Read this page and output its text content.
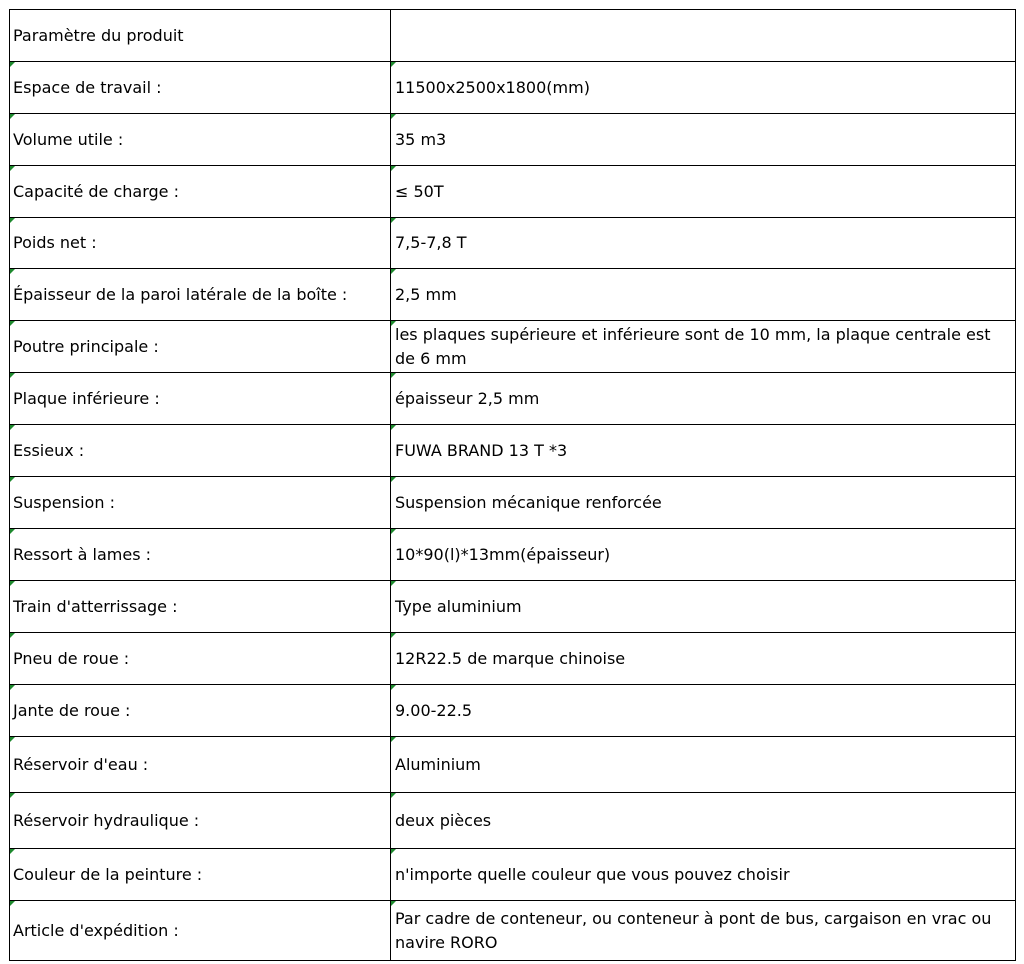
Paramètre du produit	
Espace de travail :	11500x2500x1800(mm)
Volume utile :	35 m3
Capacité de charge :	≤ 50T
Poids net :	7,5-7,8 T
Épaisseur de la paroi latérale de la boîte :	2,5 mm
Poutre principale :	les plaques supérieure et inférieure sont de 10 mm, la plaque centrale est de 6 mm
Plaque inférieure :	épaisseur 2,5 mm
Essieux :	FUWA BRAND 13 T *3
Suspension :	Suspension mécanique renforcée
Ressort à lames :	10*90(l)*13mm(épaisseur)
Train d'atterrissage :	Type aluminium
Pneu de roue :	12R22.5 de marque chinoise
Jante de roue :	9.00-22.5
Réservoir d'eau :	Aluminium
Réservoir hydraulique :	deux pièces
Couleur de la peinture :	n'importe quelle couleur que vous pouvez choisir
Article d'expédition :	Par cadre de conteneur, ou conteneur à pont de bus, cargaison en vrac ou navire RORO
